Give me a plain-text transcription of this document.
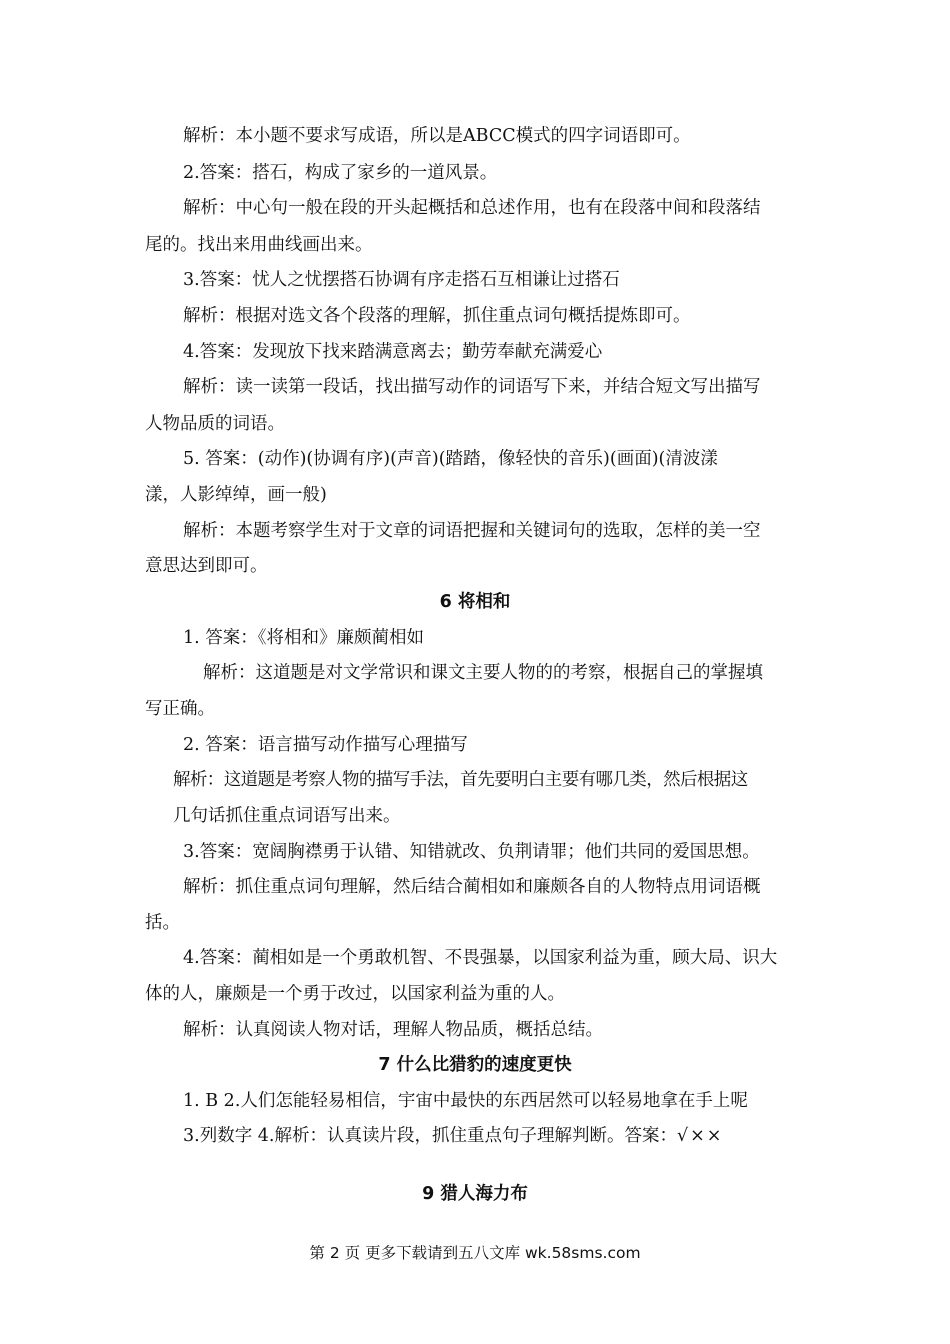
解析：本小题不要求写成语，所以是ABCC模式的四字词语即可。
2.答案：搭石，构成了家乡的一道风景。
解析：中心句一般在段的开头起概括和总述作用，也有在段落中间和段落结
尾的。找出来用曲线画出来。
3.答案：忧人之忧摆搭石协调有序走搭石互相谦让过搭石
解析：根据对选文各个段落的理解，抓住重点词句概括提炼即可。
4.答案：发现放下找来踏满意离去；勤劳奉献充满爱心
解析：读一读第一段话，找出描写动作的词语写下来，并结合短文写出描写
人物品质的词语。
5. 答案：(动作)(协调有序)(声音)(踏踏，像轻快的音乐)(画面)(清波漾
漾，人影绰绰，画一般)
解析：本题考察学生对于文章的词语把握和关键词句的选取，怎样的美一空
意思达到即可。
6 将相和
1. 答案：《将相和》廉颇蔺相如
解析：这道题是对文学常识和课文主要人物的的考察，根据自己的掌握填
写正确。
2. 答案：语言描写动作描写心理描写
解析：这道题是考察人物的描写手法，首先要明白主要有哪几类，然后根据这
几句话抓住重点词语写出来。
3.答案：宽阔胸襟勇于认错、知错就改、负荆请罪；他们共同的爱国思想。
解析：抓住重点词句理解，然后结合蔺相如和廉颇各自的人物特点用词语概
括。
4.答案：蔺相如是一个勇敢机智、不畏强暴，以国家利益为重，顾大局、识大
体的人，廉颇是一个勇于改过，以国家利益为重的人。
解析：认真阅读人物对话，理解人物品质，概括总结。
7 什么比猎豹的速度更快
1. B 2.人们怎能轻易相信，宇宙中最快的东西居然可以轻易地拿在手上呢
3.列数字 4.解析：认真读片段，抓住重点句子理解判断。答案：√××
9 猎人海力布
第 2 页 更多下载请到五八文库 wk.58sms.com
